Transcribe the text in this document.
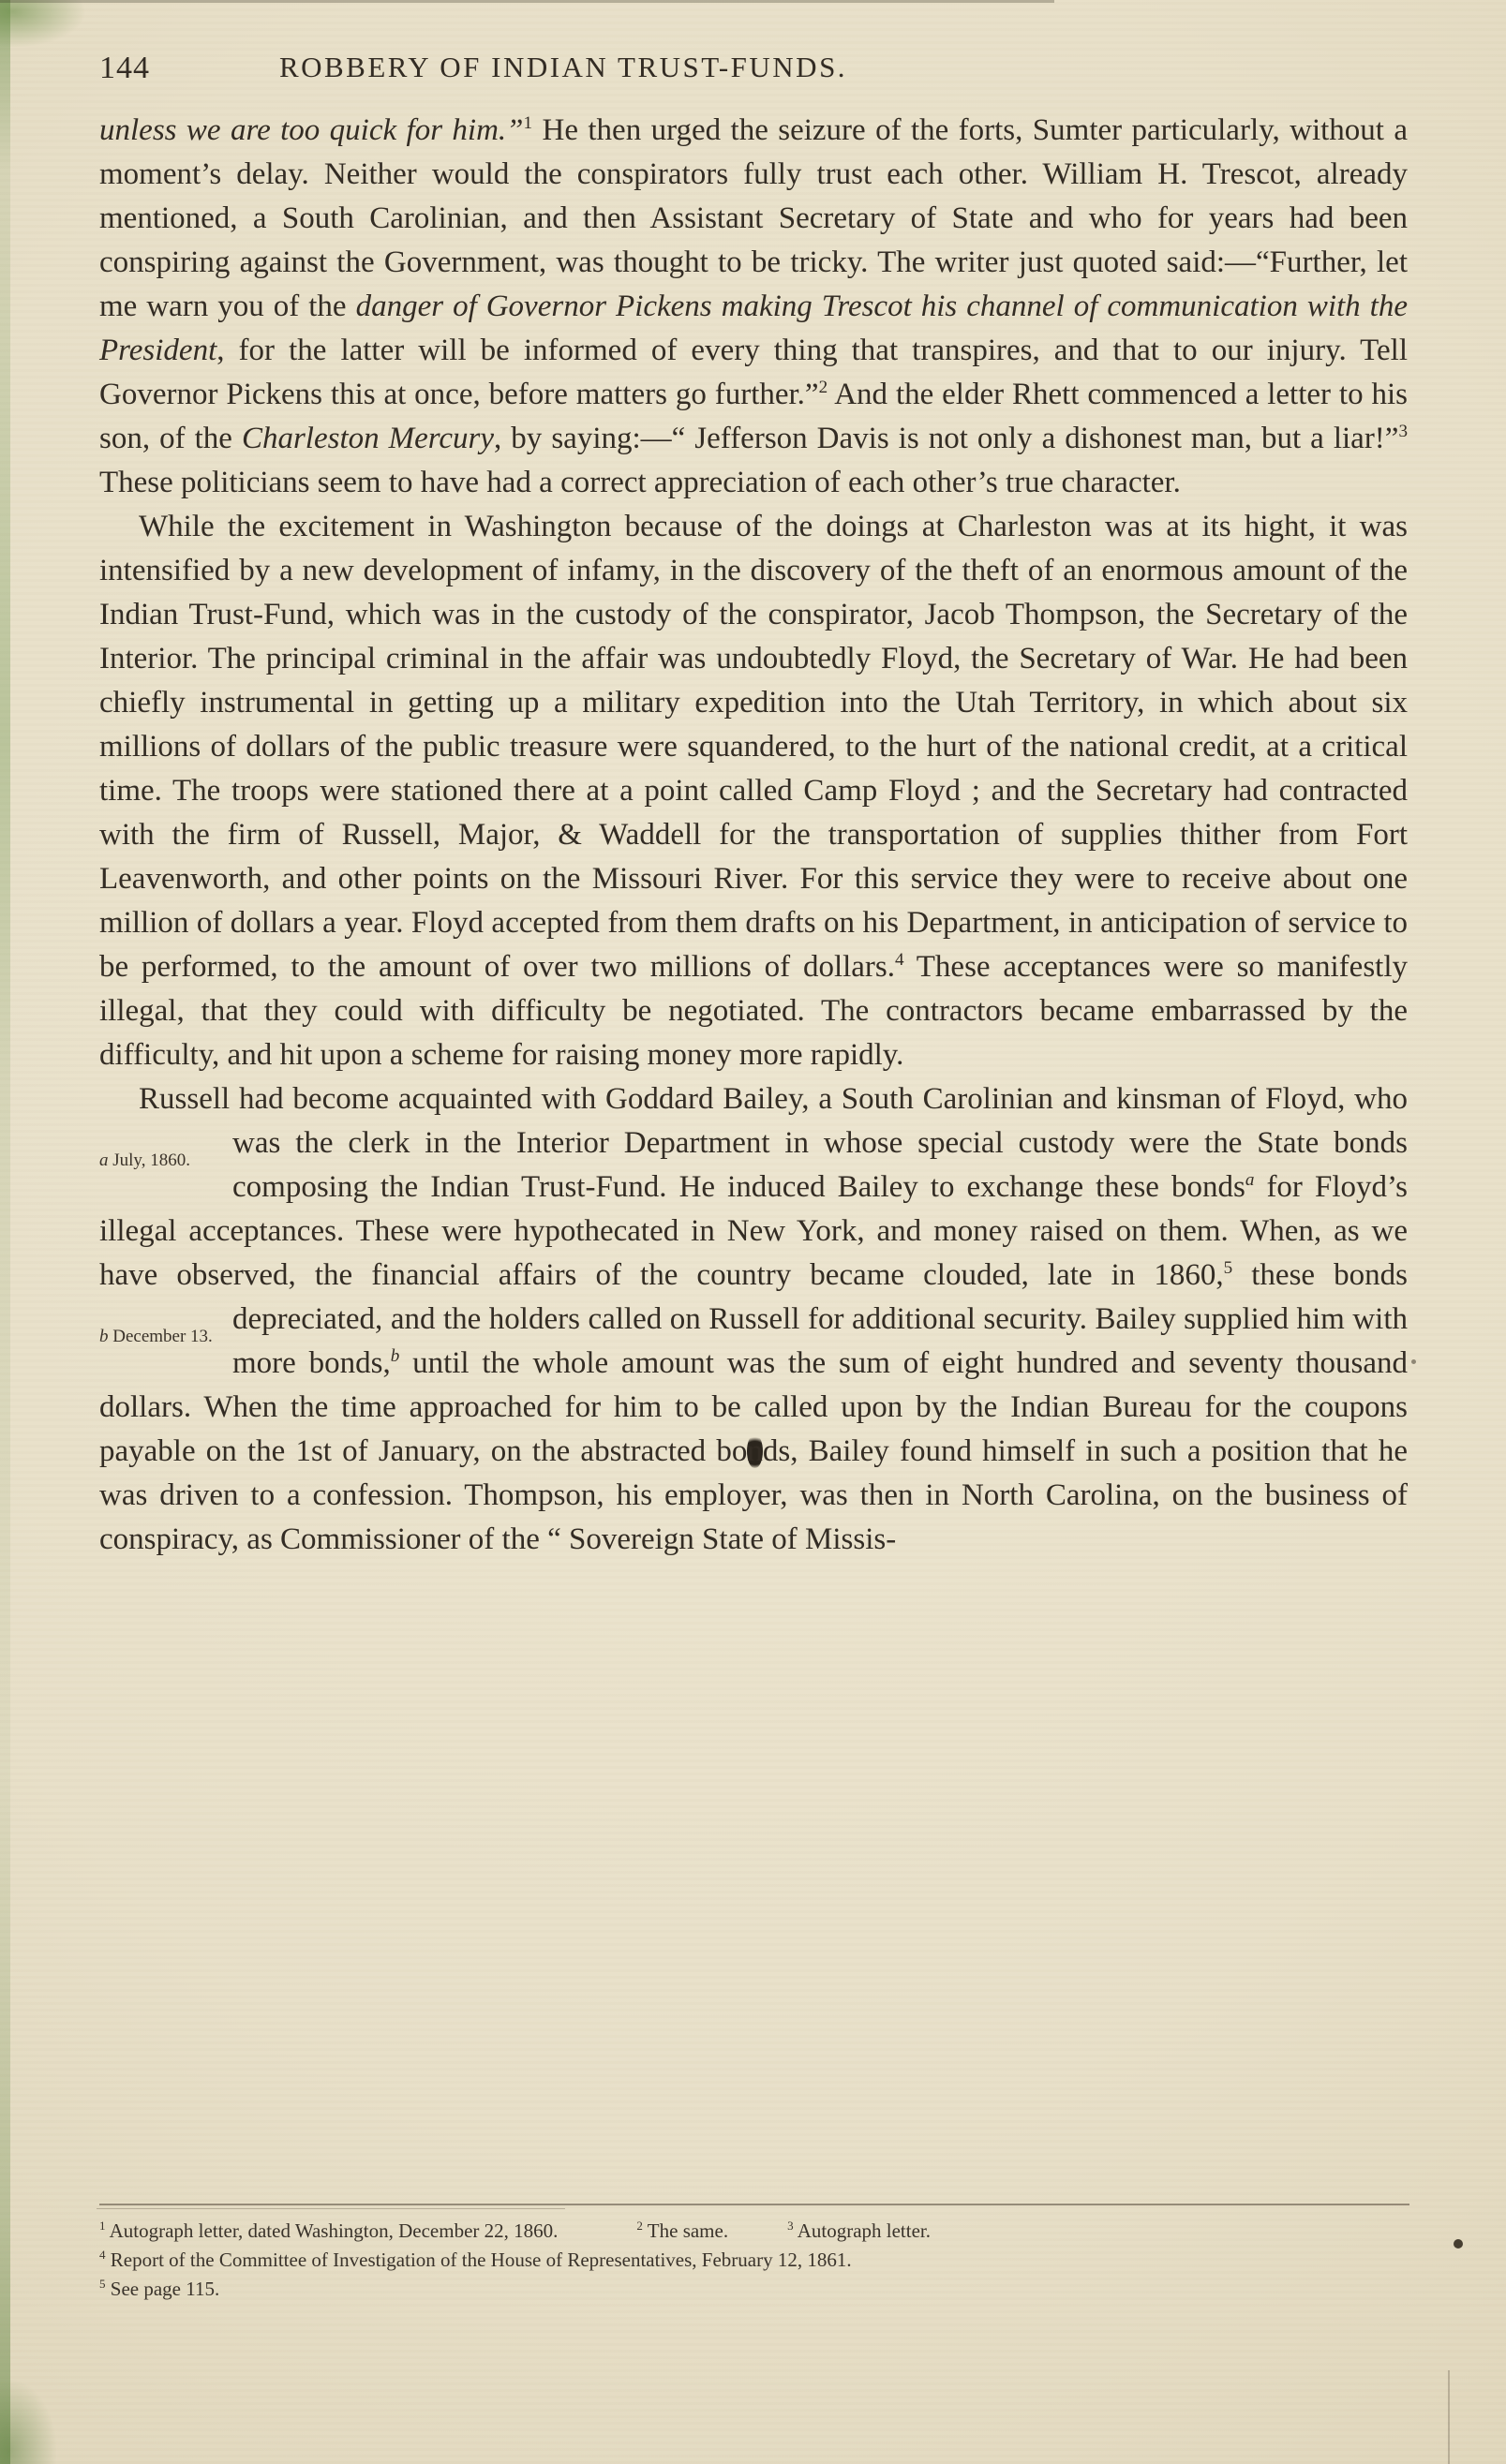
144	ROBBERY OF INDIAN TRUST-FUNDS.

unless we are too quick for him.”$^1$ He then urged the seizure of the forts, Sumter particularly, without a moment’s delay. Neither would the conspirators fully trust each other. William H. Trescot, already mentioned, a South Carolinian, and then Assistant Secretary of State and who for years had been conspiring against the Government, was thought to be tricky. The writer just quoted said:—“Further, let me warn you of the danger of Governor Pickens making Trescot his channel of communication with the President, for the latter will be informed of every thing that transpires, and that to our injury. Tell Governor Pickens this at once, before matters go further.”$^2$ And the elder Rhett commenced a letter to his son, of the Charleston Mercury, by saying:—“ Jefferson Davis is not only a dishonest man, but a liar!”$^3$ These politicians seem to have had a correct appreciation of each other’s true character.

While the excitement in Washington because of the doings at Charleston was at its hight, it was intensified by a new development of infamy, in the discovery of the theft of an enormous amount of the Indian Trust-Fund, which was in the custody of the conspirator, Jacob Thompson, the Secretary of the Interior. The principal criminal in the affair was undoubtedly Floyd, the Secretary of War. He had been chiefly instrumental in getting up a military expedition into the Utah Territory, in which about six millions of dollars of the public treasure were squandered, to the hurt of the national credit, at a critical time. The troops were stationed there at a point called Camp Floyd ; and the Secretary had contracted with the firm of Russell, Major, & Waddell for the transportation of supplies thither from Fort Leavenworth, and other points on the Missouri River. For this service they were to receive about one million of dollars a year. Floyd accepted from them drafts on his Department, in anticipation of service to be performed, to the amount of over two millions of dollars.$^4$ These acceptances were so manifestly illegal, that they could with difficulty be negotiated. The contractors became embarrassed by the difficulty, and hit upon a scheme for raising money more rapidly.

Russell had become acquainted with Goddard Bailey, a South Carolinian and kinsman of Floyd, who was the clerk in the Interior Department in
a July, 1860.
whose special custody were the State bonds composing the Indian Trust-Fund. He induced Bailey to exchange these bonds$^a$ for Floyd’s illegal acceptances. These were hypothecated in New York, and money raised on them. When, as we have observed, the financial affairs of the country became clouded, late in 1860,$^5$ these bonds depreciated,
b December 13.
and the holders called on Russell for additional security. Bailey supplied him with more bonds,$^b$ until the whole amount was the sum of eight hundred and seventy thousand dollars. When the time approached for him to be called upon by the Indian Bureau for the coupons payable on the 1st of January, on the abstracted bonds, Bailey found himself in such a position that he was driven to a confession. Thompson, his employer, was then in North Carolina, on the business of conspiracy, as Commissioner of the “ Sovereign State of Missis-

$^1$ Autograph letter, dated Washington, December 22, 1860.    $^2$ The same.   $^3$ Autograph letter.
$^4$ Report of the Committee of Investigation of the House of Representatives, February 12, 1861.
$^5$ See page 115.
